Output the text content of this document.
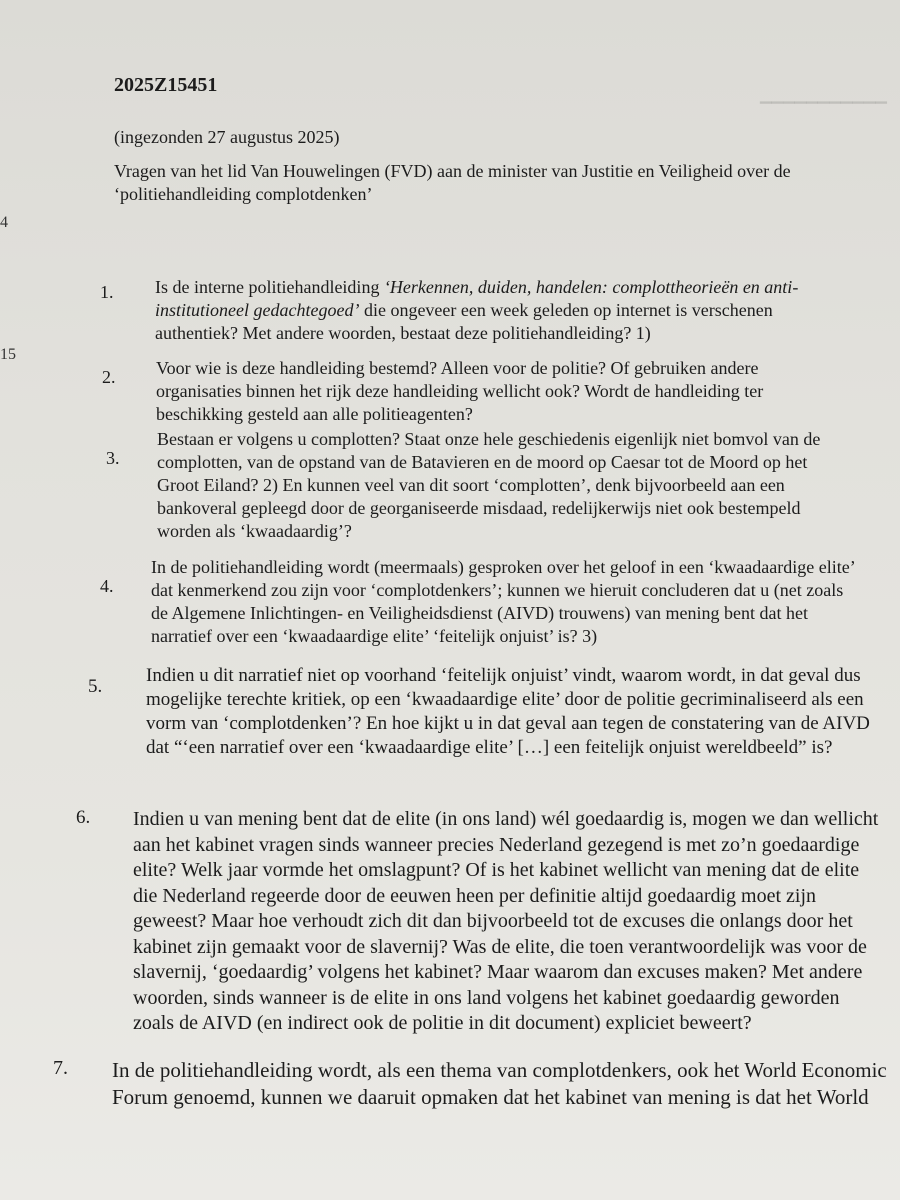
▁▁▁▁▁▁▁▁▁▁▁
4
15
2025Z15451
(ingezonden 27 augustus 2025)
Vragen van het lid Van Houwelingen (FVD) aan de minister van Justitie en Veiligheid over de ‘politiehandleiding complotdenken’
1. Is de interne politiehandleiding ‘Herkennen, duiden, handelen: complottheorieën en anti-institutioneel gedachtegoed’ die ongeveer een week geleden op internet is verschenen authentiek? Met andere woorden, bestaat deze politiehandleiding? 1)
2. Voor wie is deze handleiding bestemd? Alleen voor de politie? Of gebruiken andere organisaties binnen het rijk deze handleiding wellicht ook? Wordt de handleiding ter beschikking gesteld aan alle politieagenten?
3.
Bestaan er volgens u complotten? Staat onze hele geschiedenis eigenlijk niet bomvol van de complotten, van de opstand van de Batavieren en de moord op Caesar tot de Moord op het Groot Eiland? 2) En kunnen veel van dit soort ‘complotten’, denk bijvoorbeeld aan een bankoveral gepleegd door de georganiseerde misdaad, redelijkerwijs niet ook bestempeld worden als ‘kwaadaardig’?
4.
In de politiehandleiding wordt (meermaals) gesproken over het geloof in een ‘kwaadaardige elite’ dat kenmerkend zou zijn voor ‘complotdenkers’; kunnen we hieruit concluderen dat u (net zoals de Algemene Inlichtingen- en Veiligheidsdienst (AIVD) trouwens) van mening bent dat het narratief over een ‘kwaadaardige elite’ ‘feitelijk onjuist’ is? 3)
5.
Indien u dit narratief niet op voorhand ‘feitelijk onjuist’ vindt, waarom wordt, in dat geval dus mogelijke terechte kritiek, op een ‘kwaadaardige elite’ door de politie gecriminaliseerd als een vorm van ‘complotdenken’? En hoe kijkt u in dat geval aan tegen de constatering van de AIVD dat “‘een narratief over een ‘kwaadaardige elite’ […] een feitelijk onjuist wereldbeeld” is?
6. Indien u van mening bent dat de elite (in ons land) wél goedaardig is, mogen we dan wellicht aan het kabinet vragen sinds wanneer precies Nederland gezegend is met zo’n goedaardige elite? Welk jaar vormde het omslagpunt? Of is het kabinet wellicht van mening dat de elite die Nederland regeerde door de eeuwen heen per definitie altijd goedaardig moet zijn geweest? Maar hoe verhoudt zich dit dan bijvoorbeeld tot de excuses die onlangs door het kabinet zijn gemaakt voor de slavernij? Was de elite, die toen verantwoordelijk was voor de slavernij, ‘goedaardig’ volgens het kabinet? Maar waarom dan excuses maken? Met andere woorden, sinds wanneer is de elite in ons land volgens het kabinet goedaardig geworden zoals de AIVD (en indirect ook de politie in dit document) expliciet beweert?
7. In de politiehandleiding wordt, als een thema van complotdenkers, ook het World Economic
Forum genoemd, kunnen we daaruit opmaken dat het kabinet van mening is dat het World
